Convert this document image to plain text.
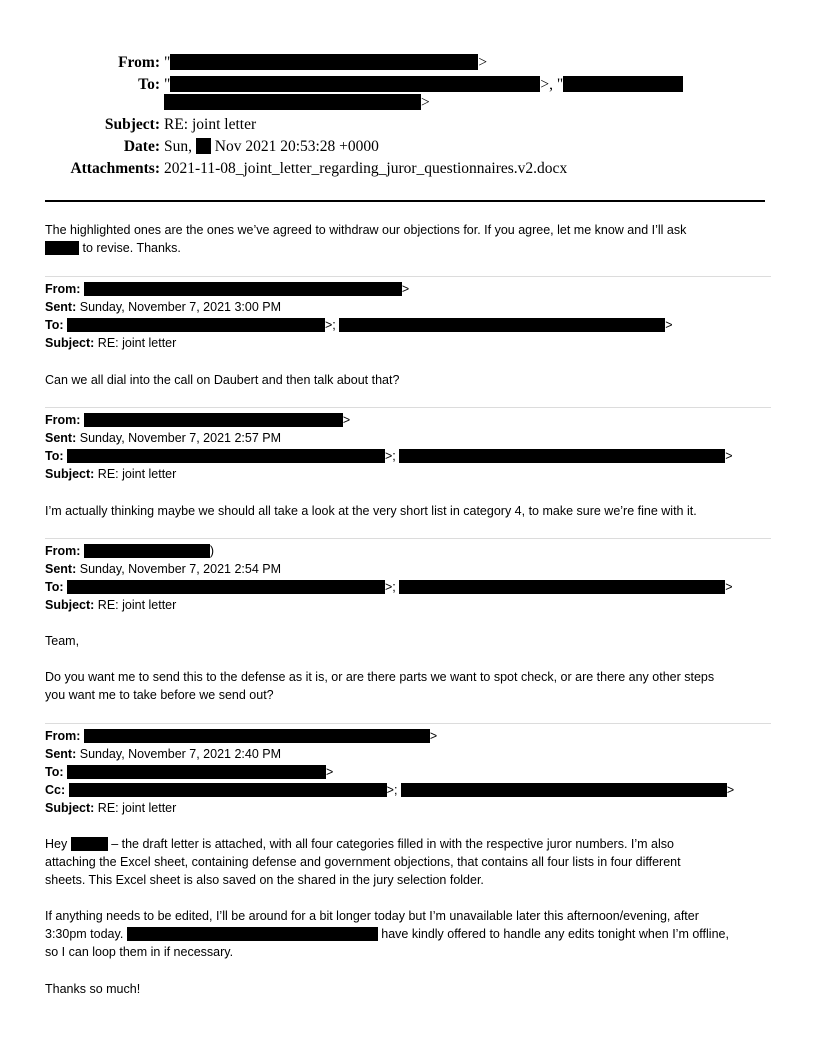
From: "	>
To: "	>, "
>
Subject: RE: joint letter
Date: Sun, Nov 2021 20:53:28 +0000
Attachments: 2021-11-08_joint_letter_regarding_juror_questionnaires.v2.docx
The highlighted ones are the ones we’ve agreed to withdraw our objections for. If you agree, let me know and I’ll ask
to revise. Thanks.
From:	>
Sent: Sunday, November 7, 2021 3:00 PM
To:	>;	>
Subject: RE: joint letter
Can we all dial into the call on Daubert and then talk about that?
From:	>
Sent: Sunday, November 7, 2021 2:57 PM
To:	>;	>
Subject: RE: joint letter
I’m actually thinking maybe we should all take a look at the very short list in category 4, to make sure we’re fine with it.
From:	)
Sent: Sunday, November 7, 2021 2:54 PM
To:	>;	>
Subject: RE: joint letter
Team,
Do you want me to send this to the defense as it is, or are there parts we want to spot check, or are there any other steps
you want me to take before we send out?
From:	>
Sent: Sunday, November 7, 2021 2:40 PM
To:	>
Cc:	>;	>
Subject: RE: joint letter
Hey	– the draft letter is attached, with all four categories filled in with the respective juror numbers. I’m also
attaching the Excel sheet, containing defense and government objections, that contains all four lists in four different
sheets. This Excel sheet is also saved on the shared in the jury selection folder.
If anything needs to be edited, I’ll be around for a bit longer today but I’m unavailable later this afternoon/evening, after
3:30pm today.	have kindly offered to handle any edits tonight when I’m offline,
so I can loop them in if necessary.
Thanks so much!
